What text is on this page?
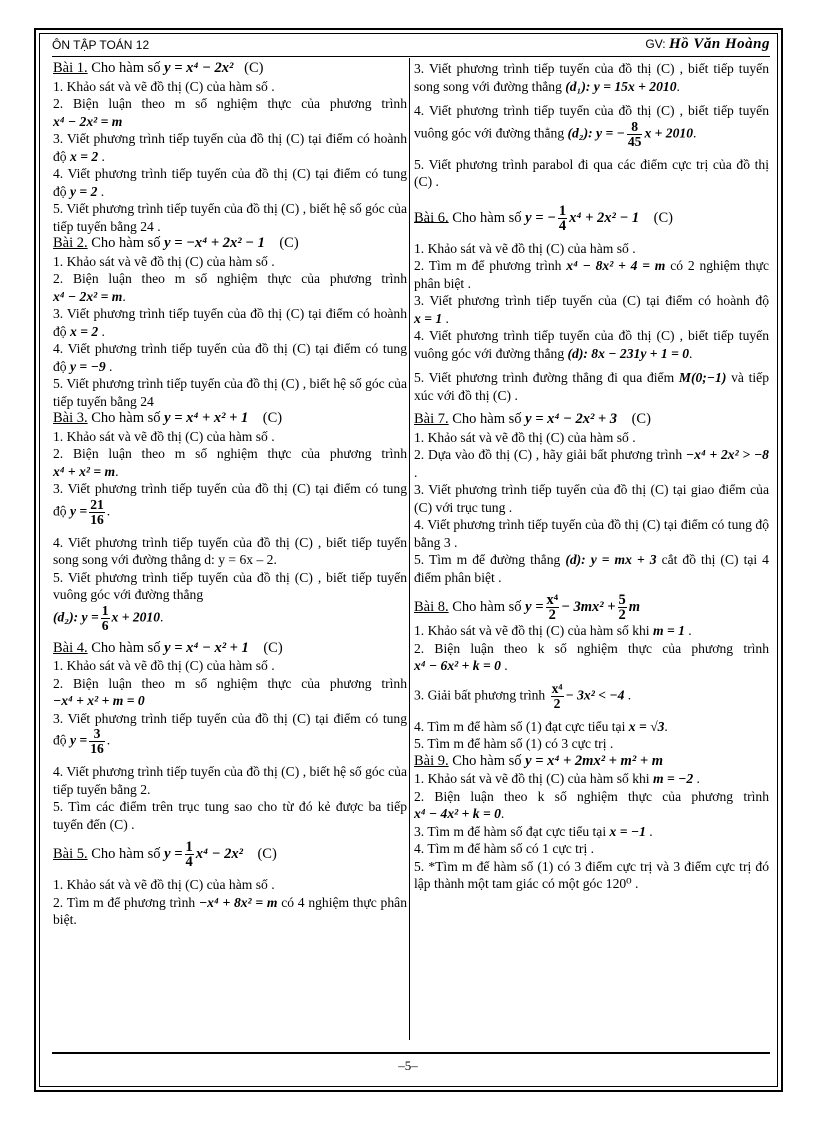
ÔN TẬP TOÁN 12	GV: Hồ Văn Hoàng

Bài 1. Cho hàm số y = x⁴ − 2x² (C)

1. Khảo sát và vẽ đồ thị (C) của hàm số .

2. Biện luận theo m số nghiệm thực của phương trình x⁴ − 2x² = m

3. Viết phương trình tiếp tuyến của đồ thị (C) tại điểm có hoành độ x = 2 .

4. Viết phương trình tiếp tuyến của đồ thị (C) tại điểm có tung độ y = 2 .

5. Viết phương trình tiếp tuyến của đồ thị (C) , biết hệ số góc của tiếp tuyến bằng 24 .

Bài 2. Cho hàm số y = −x⁴ + 2x² − 1 (C)

1. Khảo sát và vẽ đồ thị (C) của hàm số .

2. Biện luận theo m số nghiệm thực của phương trình x⁴ − 2x² = m.

3. Viết phương trình tiếp tuyến của đồ thị (C) tại điểm có hoành độ x = 2 .

4. Viết phương trình tiếp tuyến của đồ thị (C) tại điểm có tung độ y = −9 .

5. Viết phương trình tiếp tuyến của đồ thị (C) , biết hệ số góc của tiếp tuyến bằng 24

Bài 3. Cho hàm số y = x⁴ + x² + 1 (C)

1. Khảo sát và vẽ đồ thị (C) của hàm số .

2. Biện luận theo m số nghiệm thực của phương trình x⁴ + x² = m.

3. Viết phương trình tiếp tuyến của đồ thị (C) tại điểm có tung độ $y = \frac{21}{16}$ .

4. Viết phương trình tiếp tuyến của đồ thị (C) , biết tiếp tuyến song song với đường thẳng d: y = 6x – 2.

5. Viết phương trình tiếp tuyến của đồ thị (C) , biết tiếp tuyến vuông góc với đường thẳng

(d₂): $y = \frac{1}{6}$ x + 2010.

Bài 4. Cho hàm số y = x⁴ − x² + 1 (C)

1. Khảo sát và vẽ đồ thị (C) của hàm số .

2. Biện luận theo m số nghiệm thực của phương trình −x⁴ + x² + m = 0

3. Viết phương trình tiếp tuyến của đồ thị (C) tại điểm có tung độ $y = \frac{3}{16}$ .

4. Viết phương trình tiếp tuyến của đồ thị (C) , biết hệ số góc của tiếp tuyến bằng 2.

5. Tìm các điểm trên trục tung sao cho từ đó kẻ được ba tiếp tuyến đến (C) .

Bài 5. Cho hàm số $y = \frac{1}{4} x^4 - 2x^2$ (C)

1. Khảo sát và vẽ đồ thị (C) của hàm số .

2. Tìm m để phương trình −x⁴ + 8x² = m có 4 nghiệm thực phân biệt.

3. Viết phương trình tiếp tuyến của đồ thị (C) , biết tiếp tuyến song song với đường thẳng (d₁): y = 15x + 2010.

4. Viết phương trình tiếp tuyến của đồ thị (C) , biết tiếp tuyến vuông góc với đường thẳng (d₂): y = − $\frac{8}{45}$ x + 2010.

5. Viết phương trình parabol đi qua các điểm cực trị của đồ thị (C) .

Bài 6. Cho hàm số y = − $\frac{1}{4} x^4 + 2x^2 - 1$ (C)

1. Khảo sát và vẽ đồ thị (C) của hàm số .

2. Tìm m để phương trình x⁴ − 8x² + 4 = m có 2 nghiệm thực phân biệt .

3. Viết phương trình tiếp tuyến của (C) tại điểm có hoành độ x = 1 .

4. Viết phương trình tiếp tuyến của đồ thị (C) , biết tiếp tuyến vuông góc với đường thẳng (d): 8x − 231y + 1 = 0.

5. Viết phương trình đường thẳng đi qua điểm M(0;−1) và tiếp xúc với đồ thị (C) .

Bài 7. Cho hàm số y = x⁴ − 2x² + 3 (C)

1. Khảo sát và vẽ đồ thị (C) của hàm số .

2. Dựa vào đồ thị (C) , hãy giải bất phương trình −x⁴ + 2x² > −8 .

3. Viết phương trình tiếp tuyến của đồ thị (C) tại giao điểm của (C) với trục tung .

4. Viết phương trình tiếp tuyến của đồ thị (C) tại điểm có tung độ bằng 3 .

5. Tìm m để đường thẳng (d): y = mx + 3 cắt đồ thị (C) tại 4 điểm phân biệt .

Bài 8. Cho hàm số $y = \frac{\text{x⁴}}{2} - 3mx^2 + \frac{5}{2}$ m

1. Khảo sát và vẽ đồ thị (C) của hàm số khi m = 1 .

2. Biện luận theo k số nghiệm thực của phương trình x⁴ − 6x² + k = 0 .

3. Giải bất phương trình $\frac{\text{x⁴}}{2} - 3x^2 < -4$ .

4. Tìm m để hàm số (1) đạt cực tiểu tại x = √3.

5. Tìm m để hàm số (1) có 3 cực trị .

Bài 9. Cho hàm số y = x⁴ + 2mx² + m² + m

1. Khảo sát và vẽ đồ thị (C) của hàm số khi m = −2 .

2. Biện luận theo k số nghiệm thực của phương trình x⁴ − 4x² + k = 0.

3. Tìm m để hàm số đạt cực tiểu tại x = −1 .

4. Tìm m để hàm số có 1 cực trị .

5. *Tìm m để hàm số (1) có 3 điểm cực trị và 3 điểm cực trị đó lập thành một tam giác có một góc 120⁰ .

–5–
